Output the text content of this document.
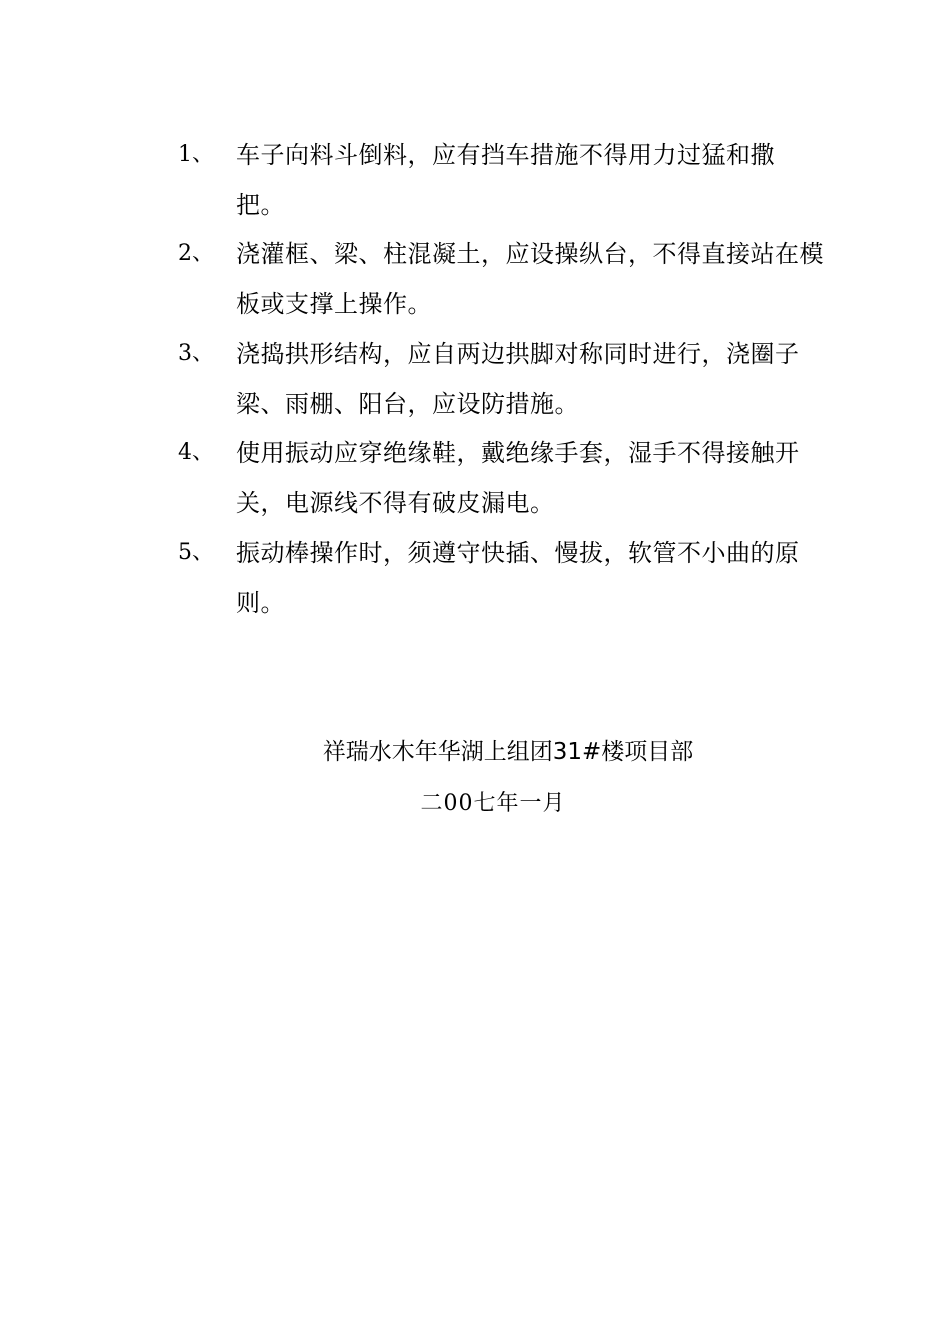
1、 车子向料斗倒料，应有挡车措施不得用力过猛和撒
把。
2、 浇灌框、梁、柱混凝土，应设操纵台，不得直接站在模
板或支撑上操作。
3、 浇捣拱形结构，应自两边拱脚对称同时进行，浇圈子
梁、雨棚、阳台，应设防措施。
4、 使用振动应穿绝缘鞋，戴绝缘手套，湿手不得接触开
关，电源线不得有破皮漏电。
5、 振动棒操作时，须遵守快插、慢拔，软管不小曲的原
则。
祥瑞水木年华湖上组团31#楼项目部
二00七年一月
